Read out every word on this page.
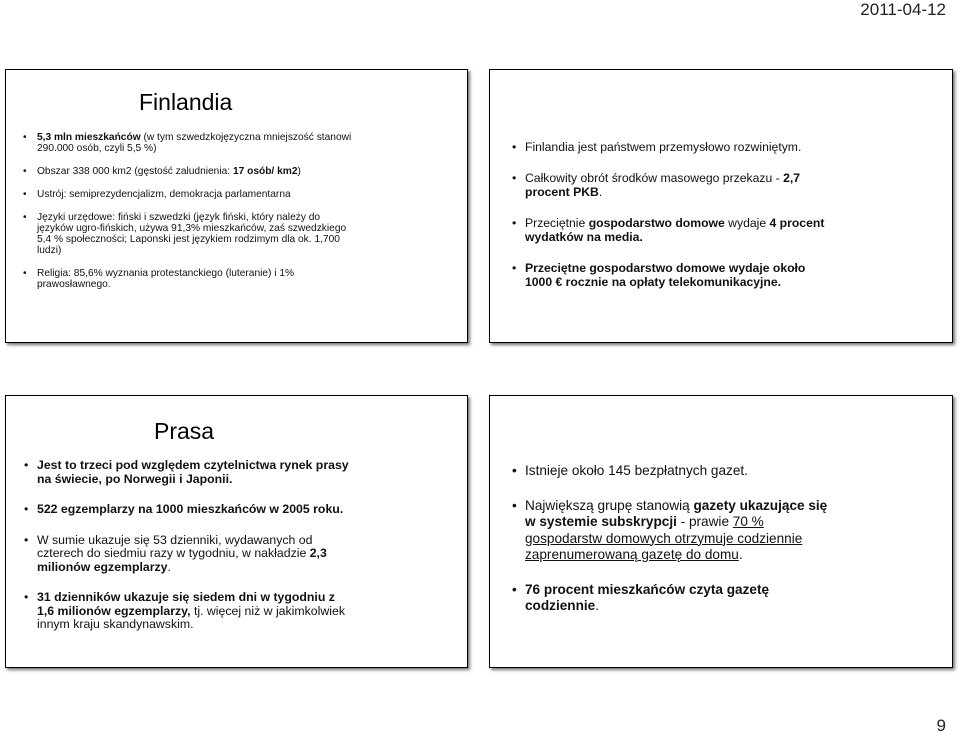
2011-04-12
Finlandia
• 5,3 mln mieszkańców (w tym szwedzkojęzyczna mniejszość stanowi 290.000 osób, czyli 5,5 %)
• Obszar 338 000 km2 (gęstość zaludnienia: 17 osób/ km2)
• Ustrój: semiprezydencjalizm, demokracja parlamentarna
• Języki urzędowe: fiński i szwedzki (język fiński, który należy do języków ugro-fińskich, używa 91,3% mieszkańców, zaś szwedzkiego 5,4 % społeczności; Laponski jest językiem rodzimym dla ok. 1,700 ludzi)
• Religia: 85,6% wyznania protestanckiego (luteranie) i 1% prawosławnego.
• Finlandia jest państwem przemysłowo rozwiniętym.
• Całkowity obrót środków masowego przekazu - 2,7 procent PKB.
• Przeciętnie gospodarstwo domowe wydaje 4 procent wydatków na media.
• Przeciętne gospodarstwo domowe wydaje około 1000 € rocznie na opłaty telekomunikacyjne.
Prasa
• Jest to trzeci pod względem czytelnictwa rynek prasy na świecie, po Norwegii i Japonii.
• 522 egzemplarzy na 1000 mieszkańców w 2005 roku.
• W sumie ukazuje się 53 dzienniki, wydawanych od czterech do siedmiu razy w tygodniu, w nakładzie 2,3 milionów egzemplarzy.
• 31 dzienników ukazuje się siedem dni w tygodniu z 1,6 milionów egzemplarzy, tj. więcej niż w jakimkolwiek innym kraju skandynawskim.
• Istnieje około 145 bezpłatnych gazet.
• Największą grupę stanowią gazety ukazujące się w systemie subskrypcji - prawie 70 % gospodarstw domowych otrzymuje codziennie zaprenumerowaną gazetę do domu.
• 76 procent mieszkańców czyta gazetę codziennie.
9
